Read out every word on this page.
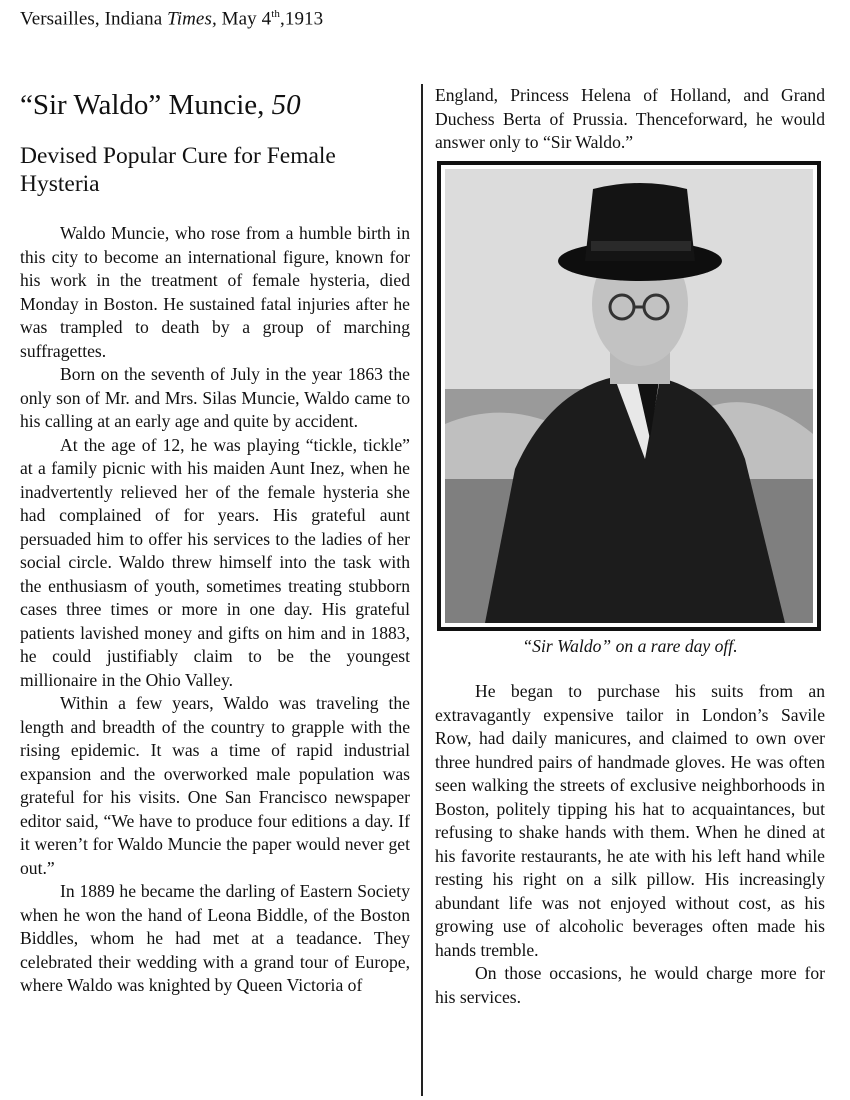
Versailles, Indiana Times, May 4th,1913
“Sir Waldo” Muncie, 50
Devised Popular Cure for Female Hysteria

Waldo Muncie, who rose from a humble birth in this city to become an international figure, known for his work in the treatment of female hysteria, died Monday in Boston. He sustained fatal injuries after he was trampled to death by a group of marching suffragettes.

Born on the seventh of July in the year 1863 the only son of Mr. and Mrs. Silas Muncie, Waldo came to his calling at an early age and quite by accident.

At the age of 12, he was playing “tickle, tickle” at a family picnic with his maiden Aunt Inez, when he inadvertently relieved her of the female hysteria she had complained of for years. His grateful aunt persuaded him to offer his services to the ladies of her social circle. Waldo threw himself into the task with the enthusiasm of youth, sometimes treating stubborn cases three times or more in one day. His grateful patients lavished money and gifts on him and in 1883, he could justifiably claim to be the youngest millionaire in the Ohio Valley.

Within a few years, Waldo was traveling the length and breadth of the country to grapple with the rising epidemic. It was a time of rapid industrial expansion and the overworked male population was grateful for his visits. One San Francisco newspaper editor said, “We have to produce four editions a day. If it weren’t for Waldo Muncie the paper would never get out.”

In 1889 he became the darling of Eastern Society when he won the hand of Leona Biddle, of the Boston Biddles, whom he had met at a teadance. They celebrated their wedding with a grand tour of Europe, where Waldo was knighted by Queen Victoria of

England, Princess Helena of Holland, and Grand Duchess Berta of Prussia. Thenceforward, he would answer only to “Sir Waldo.”

“Sir Waldo” on a rare day off.

He began to purchase his suits from an extravagantly expensive tailor in London’s Savile Row, had daily manicures, and claimed to own over three hundred pairs of handmade gloves. He was often seen walking the streets of exclusive neighborhoods in Boston, politely tipping his hat to acquaintances, but refusing to shake hands with them. When he dined at his favorite restaurants, he ate with his left hand while resting his right on a silk pillow. His increasingly abundant life was not enjoyed without cost, as his growing use of alcoholic beverages often made his hands tremble.

On those occasions, he would charge more for his services.
